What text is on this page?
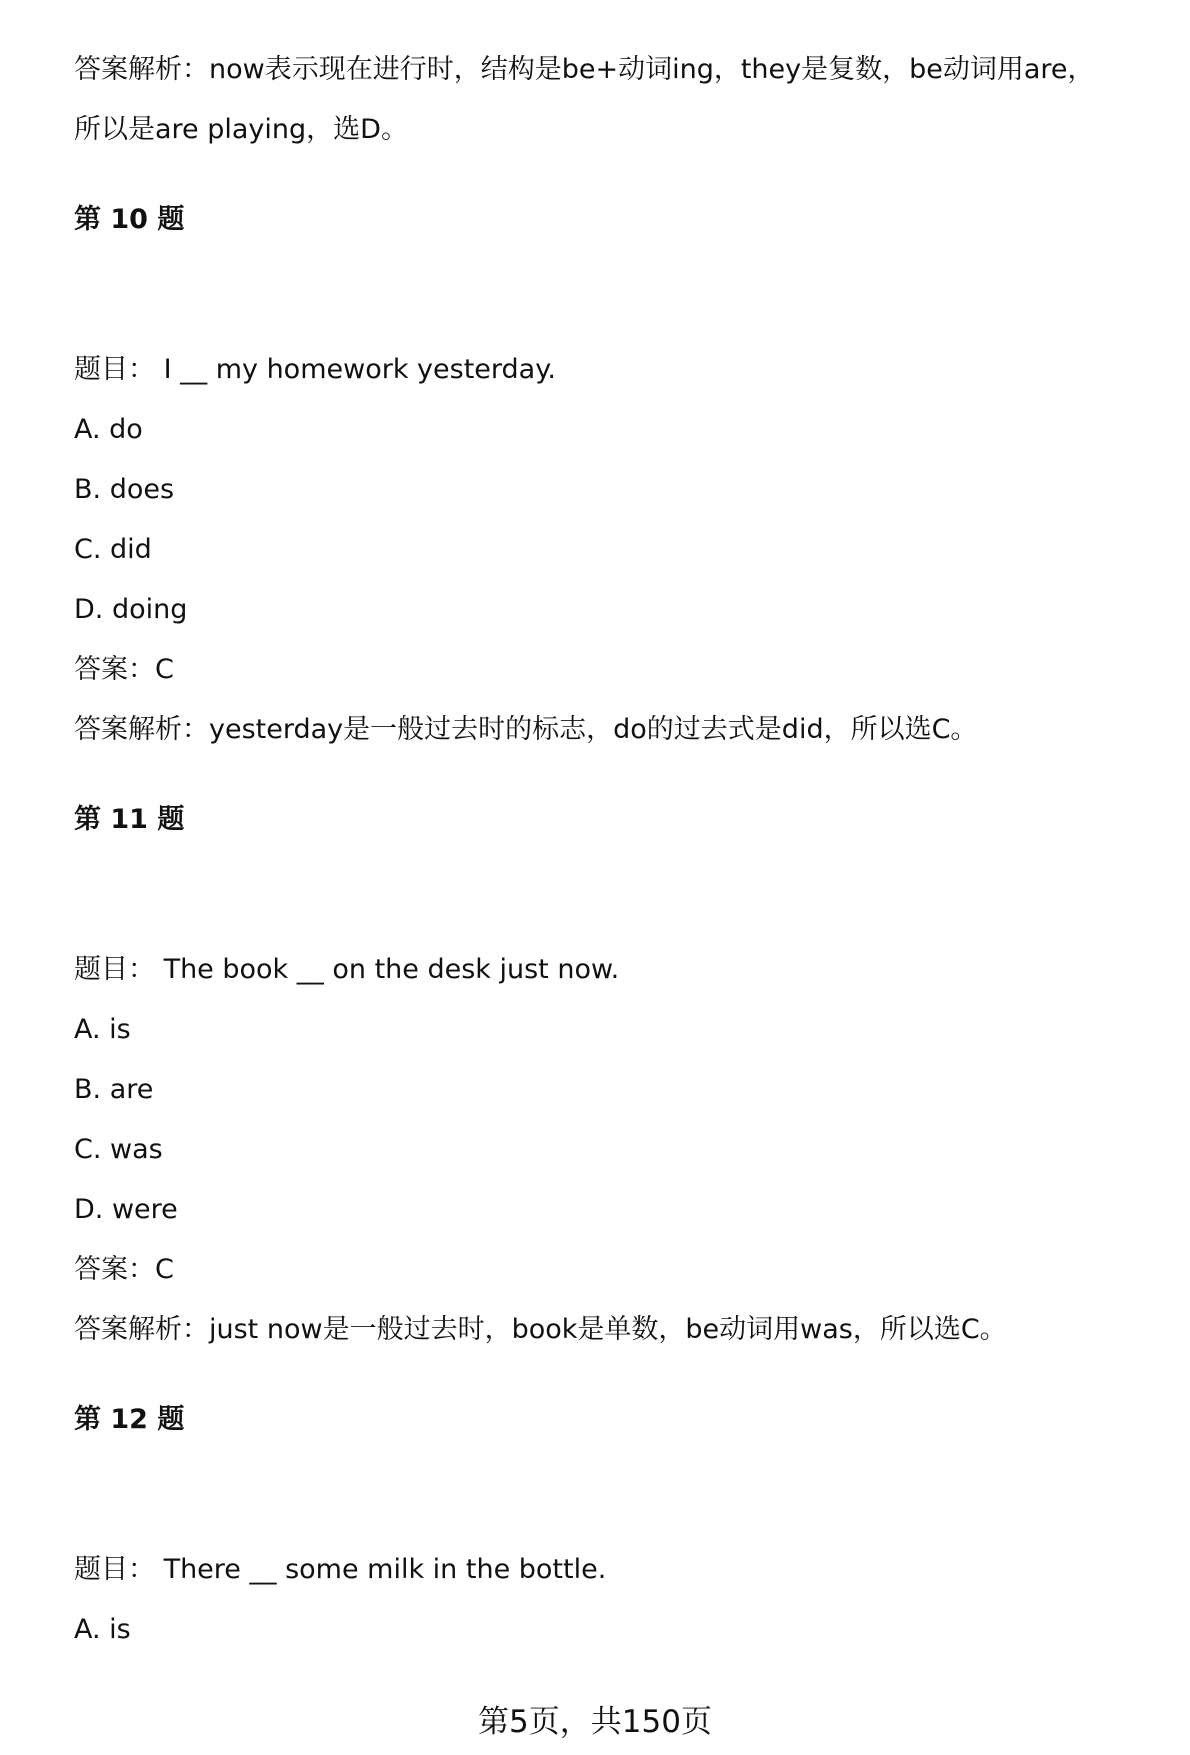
答案解析：now表示现在进行时，结构是be+动词ing，they是复数，be动词用are，
所以是are playing，选D。
第 10 题
题目： I __ my homework yesterday.
A. do
B. does
C. did
D. doing
答案：C
答案解析：yesterday是一般过去时的标志，do的过去式是did，所以选C。
第 11 题
题目： The book __ on the desk just now.
A. is
B. are
C. was
D. were
答案：C
答案解析：just now是一般过去时，book是单数，be动词用was，所以选C。
第 12 题
题目： There __ some milk in the bottle.
A. is
第5页，共150页
